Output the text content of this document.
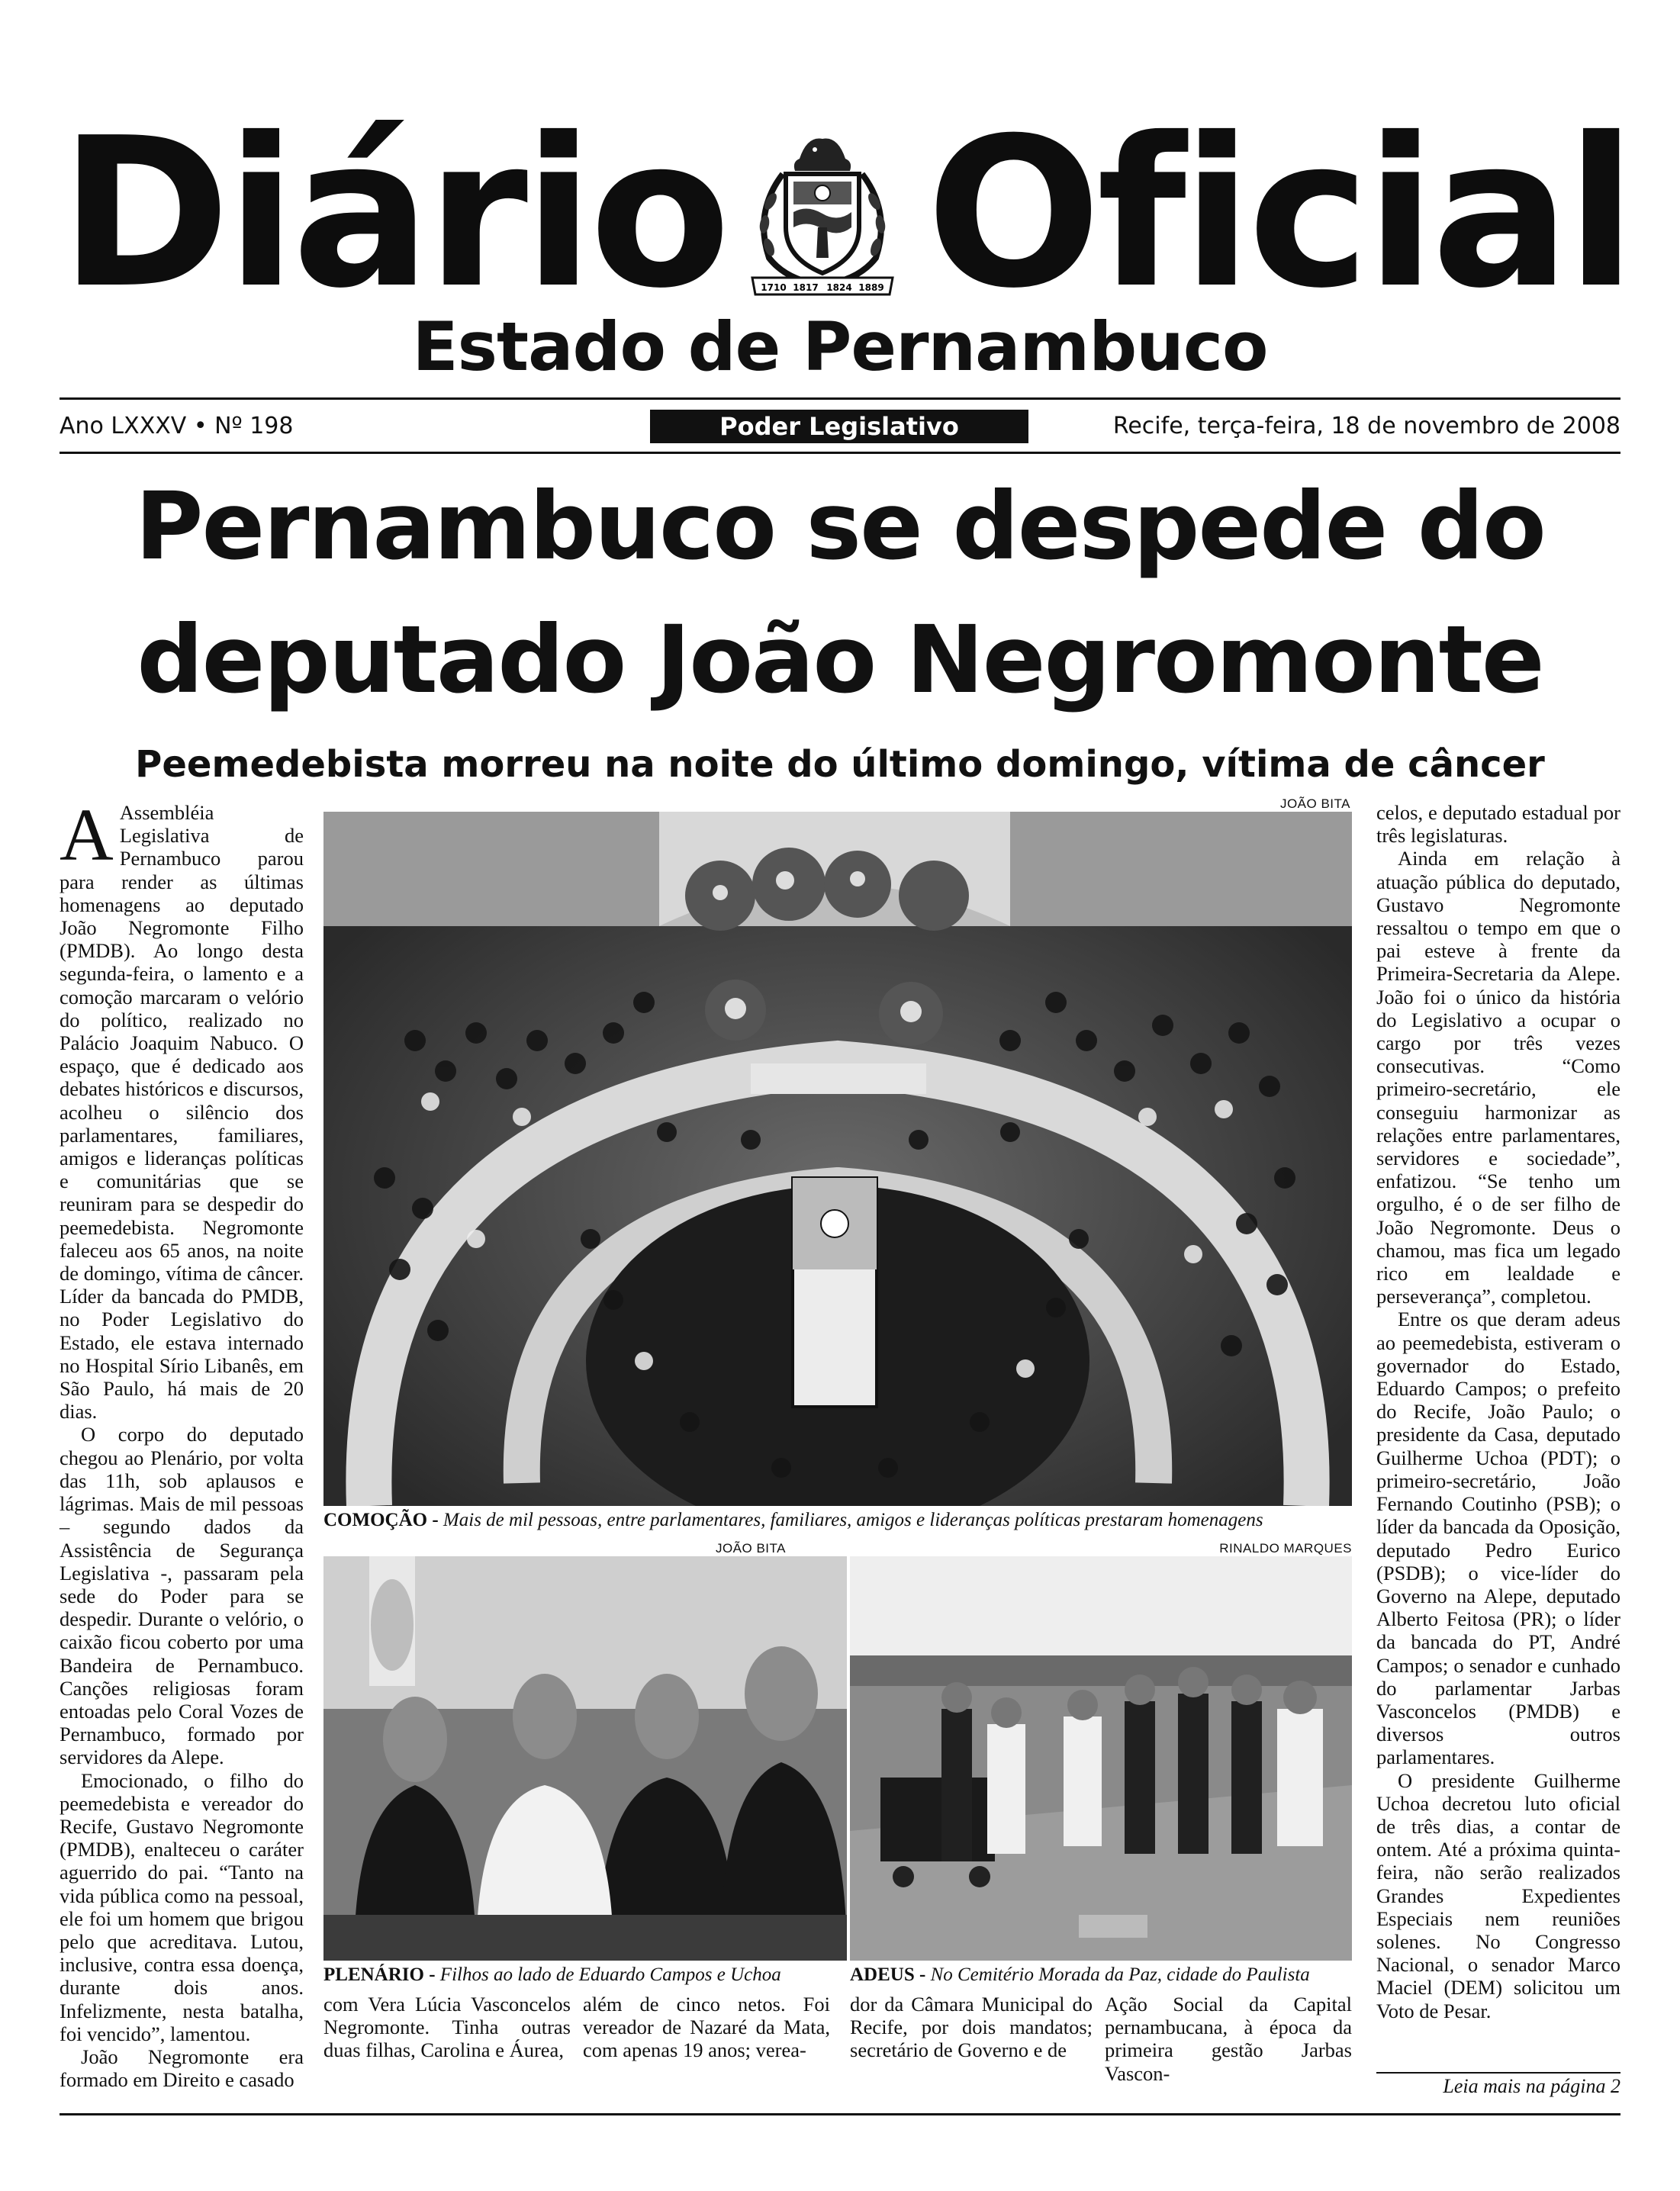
Diário	1710 1817 1824 1889 Oficial
Estado de Pernambuco
Ano LXXXV • Nº 198	Poder Legislativo	Recife, terça-feira, 18 de novembro de 2008
Pernambuco se despede do
deputado João Negromonte
Peemedebista morreu na noite do último domingo, vítima de câncer

A Assembléia Legislativa de Pernambuco parou para render as últimas homenagens ao deputado João Negromonte Filho (PMDB). Ao longo desta segunda-feira, o lamento e a comoção marcaram o velório do político, realizado no Palácio Joaquim Nabuco. O espaço, que é dedicado aos debates históricos e discursos, acolheu o silêncio dos parlamentares, familiares, amigos e lideranças políticas e comunitárias que se reuniram para se despedir do peemedebista. Negromonte faleceu aos 65 anos, na noite de domingo, vítima de câncer. Líder da bancada do PMDB, no Poder Legislativo do Estado, ele estava internado no Hospital Sírio Libanês, em São Paulo, há mais de 20 dias.

O corpo do deputado chegou ao Plenário, por volta das 11h, sob aplausos e lágrimas. Mais de mil pessoas – segundo dados da Assistência de Segurança Legislativa -, passaram pela sede do Poder para se despedir. Durante o velório, o caixão ficou coberto por uma Bandeira de Pernambuco. Canções religiosas foram entoadas pelo Coral Vozes de Pernambuco, formado por servidores da Alepe.

Emocionado, o filho do peemedebista e vereador do Recife, Gustavo Negromonte (PMDB), enalteceu o caráter aguerrido do pai. “Tanto na vida pública como na pessoal, ele foi um homem que brigou pelo que acreditava. Lutou, inclusive, contra essa doença, durante dois anos. Infelizmente, nesta batalha, foi vencido”, lamentou.

João Negromonte era formado em Direito e casado

JOÃO BITA
COMOÇÃO - Mais de mil pessoas, entre parlamentares, familiares, amigos e lideranças políticas prestaram homenagens
JOÃO BITA
PLENÁRIO - Filhos ao lado de Eduardo Campos e Uchoa
RINALDO MARQUES
ADEUS - No Cemitério Morada da Paz, cidade do Paulista

com Vera Lúcia Vasconcelos Negromonte. Tinha outras duas filhas, Carolina e Áurea,

além de cinco netos. Foi vereador de Nazaré da Mata, com apenas 19 anos; verea-

dor da Câmara Municipal do Recife, por dois mandatos; secretário de Governo e de

Ação Social da Capital pernambucana, à época da primeira gestão Jarbas Vascon-

celos, e deputado estadual por três legislaturas.

Ainda em relação à atuação pública do deputado, Gustavo Negromonte ressaltou o tempo em que o pai esteve à frente da Primeira-Secretaria da Alepe. João foi o único da história do Legislativo a ocupar o cargo por três vezes consecutivas. “Como primeiro-secretário, ele conseguiu harmonizar as relações entre parlamentares, servidores e sociedade”, enfatizou. “Se tenho um orgulho, é o de ser filho de João Negromonte. Deus o chamou, mas fica um legado rico em lealdade e perseverança”, completou.

Entre os que deram adeus ao peemedebista, estiveram o governador do Estado, Eduardo Campos; o prefeito do Recife, João Paulo; o presidente da Casa, deputado Guilherme Uchoa (PDT); o primeiro-secretário, João Fernando Coutinho (PSB); o líder da bancada da Oposição, deputado Pedro Eurico (PSDB); o vice-líder do Governo na Alepe, deputado Alberto Feitosa (PR); o líder da bancada do PT, André Campos; o senador e cunhado do parlamentar Jarbas Vasconcelos (PMDB) e diversos outros parlamentares.

O presidente Guilherme Uchoa decretou luto oficial de três dias, a contar de ontem. Até a próxima quinta-feira, não serão realizados Grandes Expedientes Especiais nem reuniões solenes. No Congresso Nacional, o senador Marco Maciel (DEM) solicitou um Voto de Pesar.

Leia mais na página 2
